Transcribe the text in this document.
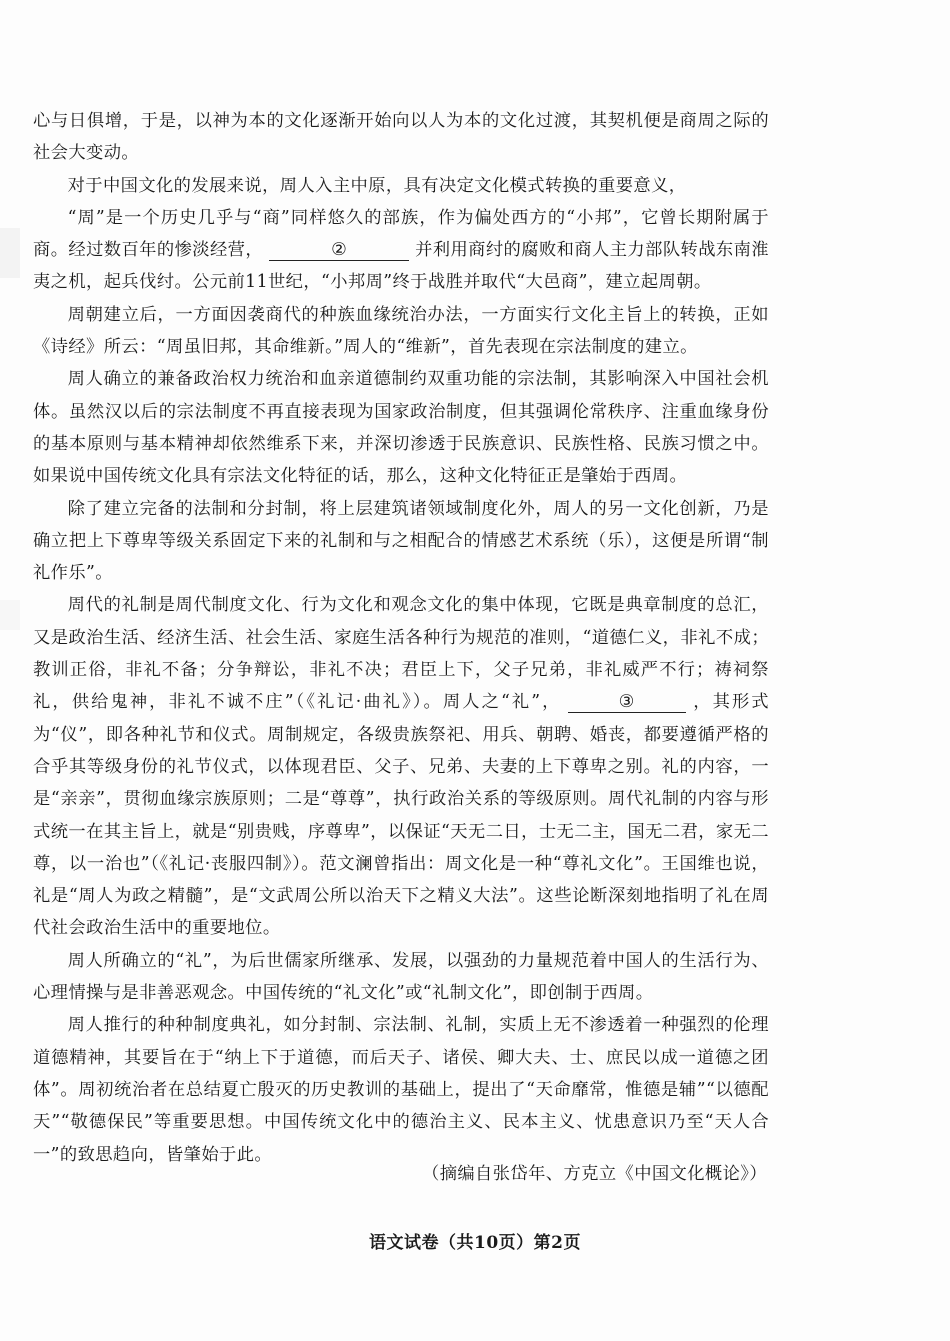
心与日俱增，于是，以神为本的文化逐渐开始向以人为本的文化过渡，其契机便是商周之际的社会大变动。

对于中国文化的发展来说，周人入主中原，具有决定文化模式转换的重要意义，

“周”是一个历史几乎与“商”同样悠久的部族，作为偏处西方的“小邦”，它曾长期附属于商。经过数百年的惨淡经营，	②	并利用商纣的腐败和商人主力部队转战东南淮夷之机，起兵伐纣。公元前11世纪，“小邦周”终于战胜并取代“大邑商”，建立起周朝。

周朝建立后，一方面因袭商代的种族血缘统治办法，一方面实行文化主旨上的转换，正如《诗经》所云：“周虽旧邦，其命维新。”周人的“维新”，首先表现在宗法制度的建立。

周人确立的兼备政治权力统治和血亲道德制约双重功能的宗法制，其影响深入中国社会机体。虽然汉以后的宗法制度不再直接表现为国家政治制度，但其强调伦常秩序、注重血缘身份的基本原则与基本精神却依然维系下来，并深切渗透于民族意识、民族性格、民族习惯之中。如果说中国传统文化具有宗法文化特征的话，那么，这种文化特征正是肇始于西周。

除了建立完备的法制和分封制，将上层建筑诸领域制度化外，周人的另一文化创新，乃是确立把上下尊卑等级关系固定下来的礼制和与之相配合的情感艺术系统（乐），这便是所谓“制礼作乐”。

周代的礼制是周代制度文化、行为文化和观念文化的集中体现，它既是典章制度的总汇，又是政治生活、经济生活、社会生活、家庭生活各种行为规范的准则，“道德仁义，非礼不成；教训正俗，非礼不备；分争辩讼，非礼不决；君臣上下，父子兄弟，非礼威严不行；祷祠祭礼，供给鬼神，非礼不诚不庄”（《礼记·曲礼》）。周人之“礼”，	③	，其形式为“仪”，即各种礼节和仪式。周制规定，各级贵族祭祀、用兵、朝聘、婚丧，都要遵循严格的合乎其等级身份的礼节仪式，以体现君臣、父子、兄弟、夫妻的上下尊卑之别。礼的内容，一是“亲亲”，贯彻血缘宗族原则；二是“尊尊”，执行政治关系的等级原则。周代礼制的内容与形式统一在其主旨上，就是“别贵贱，序尊卑”，以保证“天无二日，士无二主，国无二君，家无二尊，以一治也”（《礼记·丧服四制》）。范文澜曾指出：周文化是一种“尊礼文化”。王国维也说，礼是“周人为政之精髓”，是“文武周公所以治天下之精义大法”。这些论断深刻地指明了礼在周代社会政治生活中的重要地位。

周人所确立的“礼”，为后世儒家所继承、发展，以强劲的力量规范着中国人的生活行为、心理情操与是非善恶观念。中国传统的“礼文化”或“礼制文化”，即创制于西周。

周人推行的种种制度典礼，如分封制、宗法制、礼制，实质上无不渗透着一种强烈的伦理道德精神，其要旨在于“纳上下于道德，而后天子、诸侯、卿大夫、士、庶民以成一道德之团体”。周初统治者在总结夏亡殷灭的历史教训的基础上，提出了“天命靡常，惟德是辅”“以德配天”“敬德保民”等重要思想。中国传统文化中的德治主义、民本主义、忧患意识乃至“天人合一”的致思趋向，皆肇始于此。

（摘编自张岱年、方克立《中国文化概论》）
语文试卷（共10页）第2页
